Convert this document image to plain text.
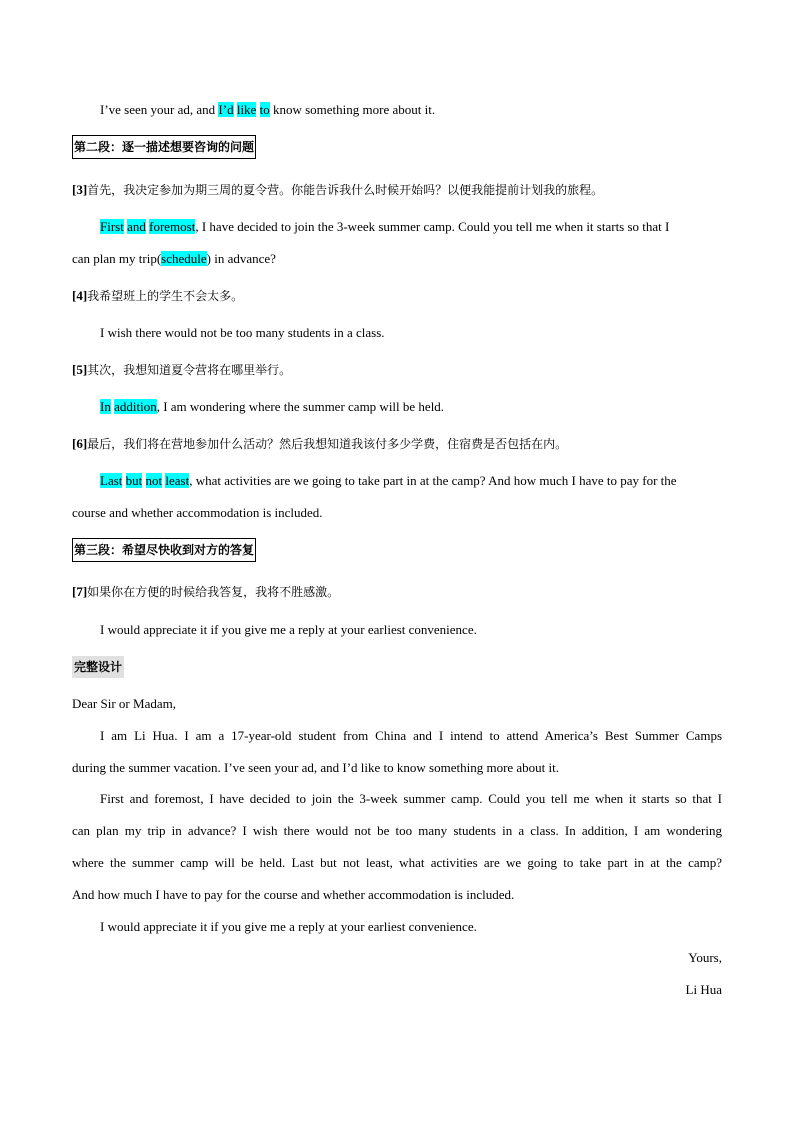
I’ve seen your ad, and I’d like to know something more about it.
第二段：逐一描述想要咨询的问题
[3]首先，我决定参加为期三周的夏令营。你能告诉我什么时候开始吗？以便我能提前计划我的旅程。
First and foremost, I have decided to join the 3-week summer camp. Could you tell me when it starts so that I
can plan my trip(schedule) in advance?
[4]我希望班上的学生不会太多。
I wish there would not be too many students in a class.
[5]其次，我想知道夏令营将在哪里举行。
In addition, I am wondering where the summer camp will be held.
[6]最后，我们将在营地参加什么活动？然后我想知道我该付多少学费，住宿费是否包括在内。
Last but not least, what activities are we going to take part in at the camp? And how much I have to pay for the
course and whether accommodation is included.
第三段：希望尽快收到对方的答复
[7]如果你在方便的时候给我答复，我将不胜感激。
I would appreciate it if you give me a reply at your earliest convenience.
完整设计
Dear Sir or Madam,
I am Li Hua. I am a 17-year-old student from China and I intend to attend America’s Best Summer Camps
during the summer vacation. I’ve seen your ad, and I’d like to know something more about it.
First and foremost, I have decided to join the 3-week summer camp. Could you tell me when it starts so that I
can plan my trip in advance? I wish there would not be too many students in a class. In addition, I am wondering
where the summer camp will be held. Last but not least, what activities are we going to take part in at the camp?
And how much I have to pay for the course and whether accommodation is included.
I would appreciate it if you give me a reply at your earliest convenience.
Yours,
Li Hua
